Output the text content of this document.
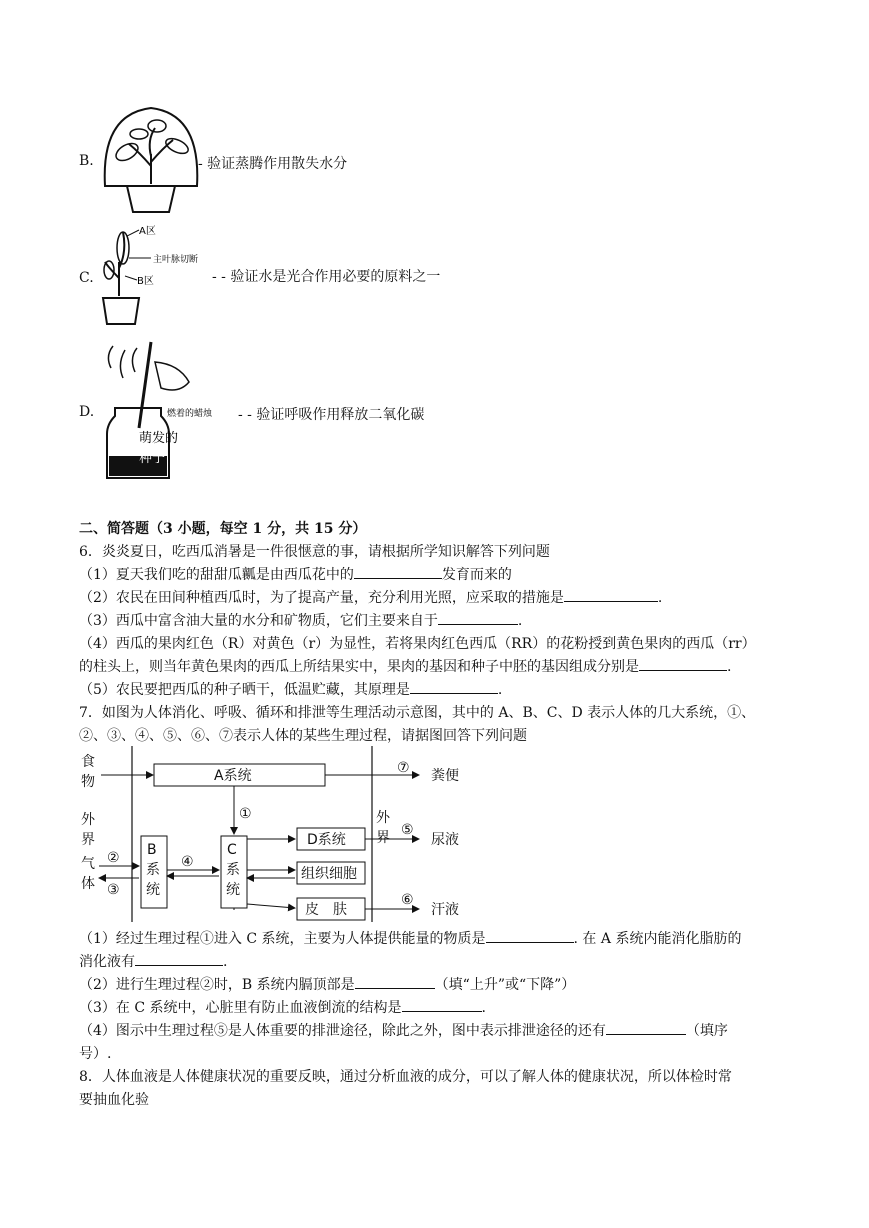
B.	- 验证蒸腾作用散失水分
C.
A区
主叶脉切断
B区	- - 验证水是光合作用必要的原料之一
D.	燃着的蜡烛
萌发的
种子
- - 验证呼吸作用释放二氧化碳
二、简答题（3 小题，每空 1 分，共 15 分）
6．炎炎夏日，吃西瓜消暑是一件很惬意的事，请根据所学知识解答下列问题
（1）夏天我们吃的甜甜瓜瓤是由西瓜花中的	发育而来的
（2）农民在田间种植西瓜时，为了提高产量，充分利用光照，应采取的措施是	.
（3）西瓜中富含油大量的水分和矿物质，它们主要来自于	.
（4）西瓜的果肉红色（R）对黄色（r）为显性，若将果肉红色西瓜（RR）的花粉授到黄色果肉的西瓜（rr）
的柱头上，则当年黄色果肉的西瓜上所结果实中，果肉的基因和种子中胚的基因组成分别是	.
（5）农民要把西瓜的种子晒干，低温贮藏，其原理是	.
7．如图为人体消化、呼吸、循环和排泄等生理活动示意图，其中的 A、B、C、D 表示人体的几大系统，①、
②、③、④、⑤、⑥、⑦表示人体的某些生理过程，请据图回答下列问题
食
物
外
界
气
体
A系统	⑦ 粪便
①	外
界
B
系
统
②
③
④
C
系
统
D系统
⑤
尿液
组织细胞
皮　肤
⑥
汗液
（1）经过生理过程①进入 C 系统，主要为人体提供能量的物质是	. 在 A 系统内能消化脂肪的
消化液有	.
（2）进行生理过程②时，B 系统内膈顶部是	（填“上升”或“下降”）
（3）在 C 系统中，心脏里有防止血液倒流的结构是	.
（4）图示中生理过程⑤是人体重要的排泄途径，除此之外，图中表示排泄途径的还有	（填序
号）.
8．人体血液是人体健康状况的重要反映，通过分析血液的成分，可以了解人体的健康状况，所以体检时常
要抽血化验
